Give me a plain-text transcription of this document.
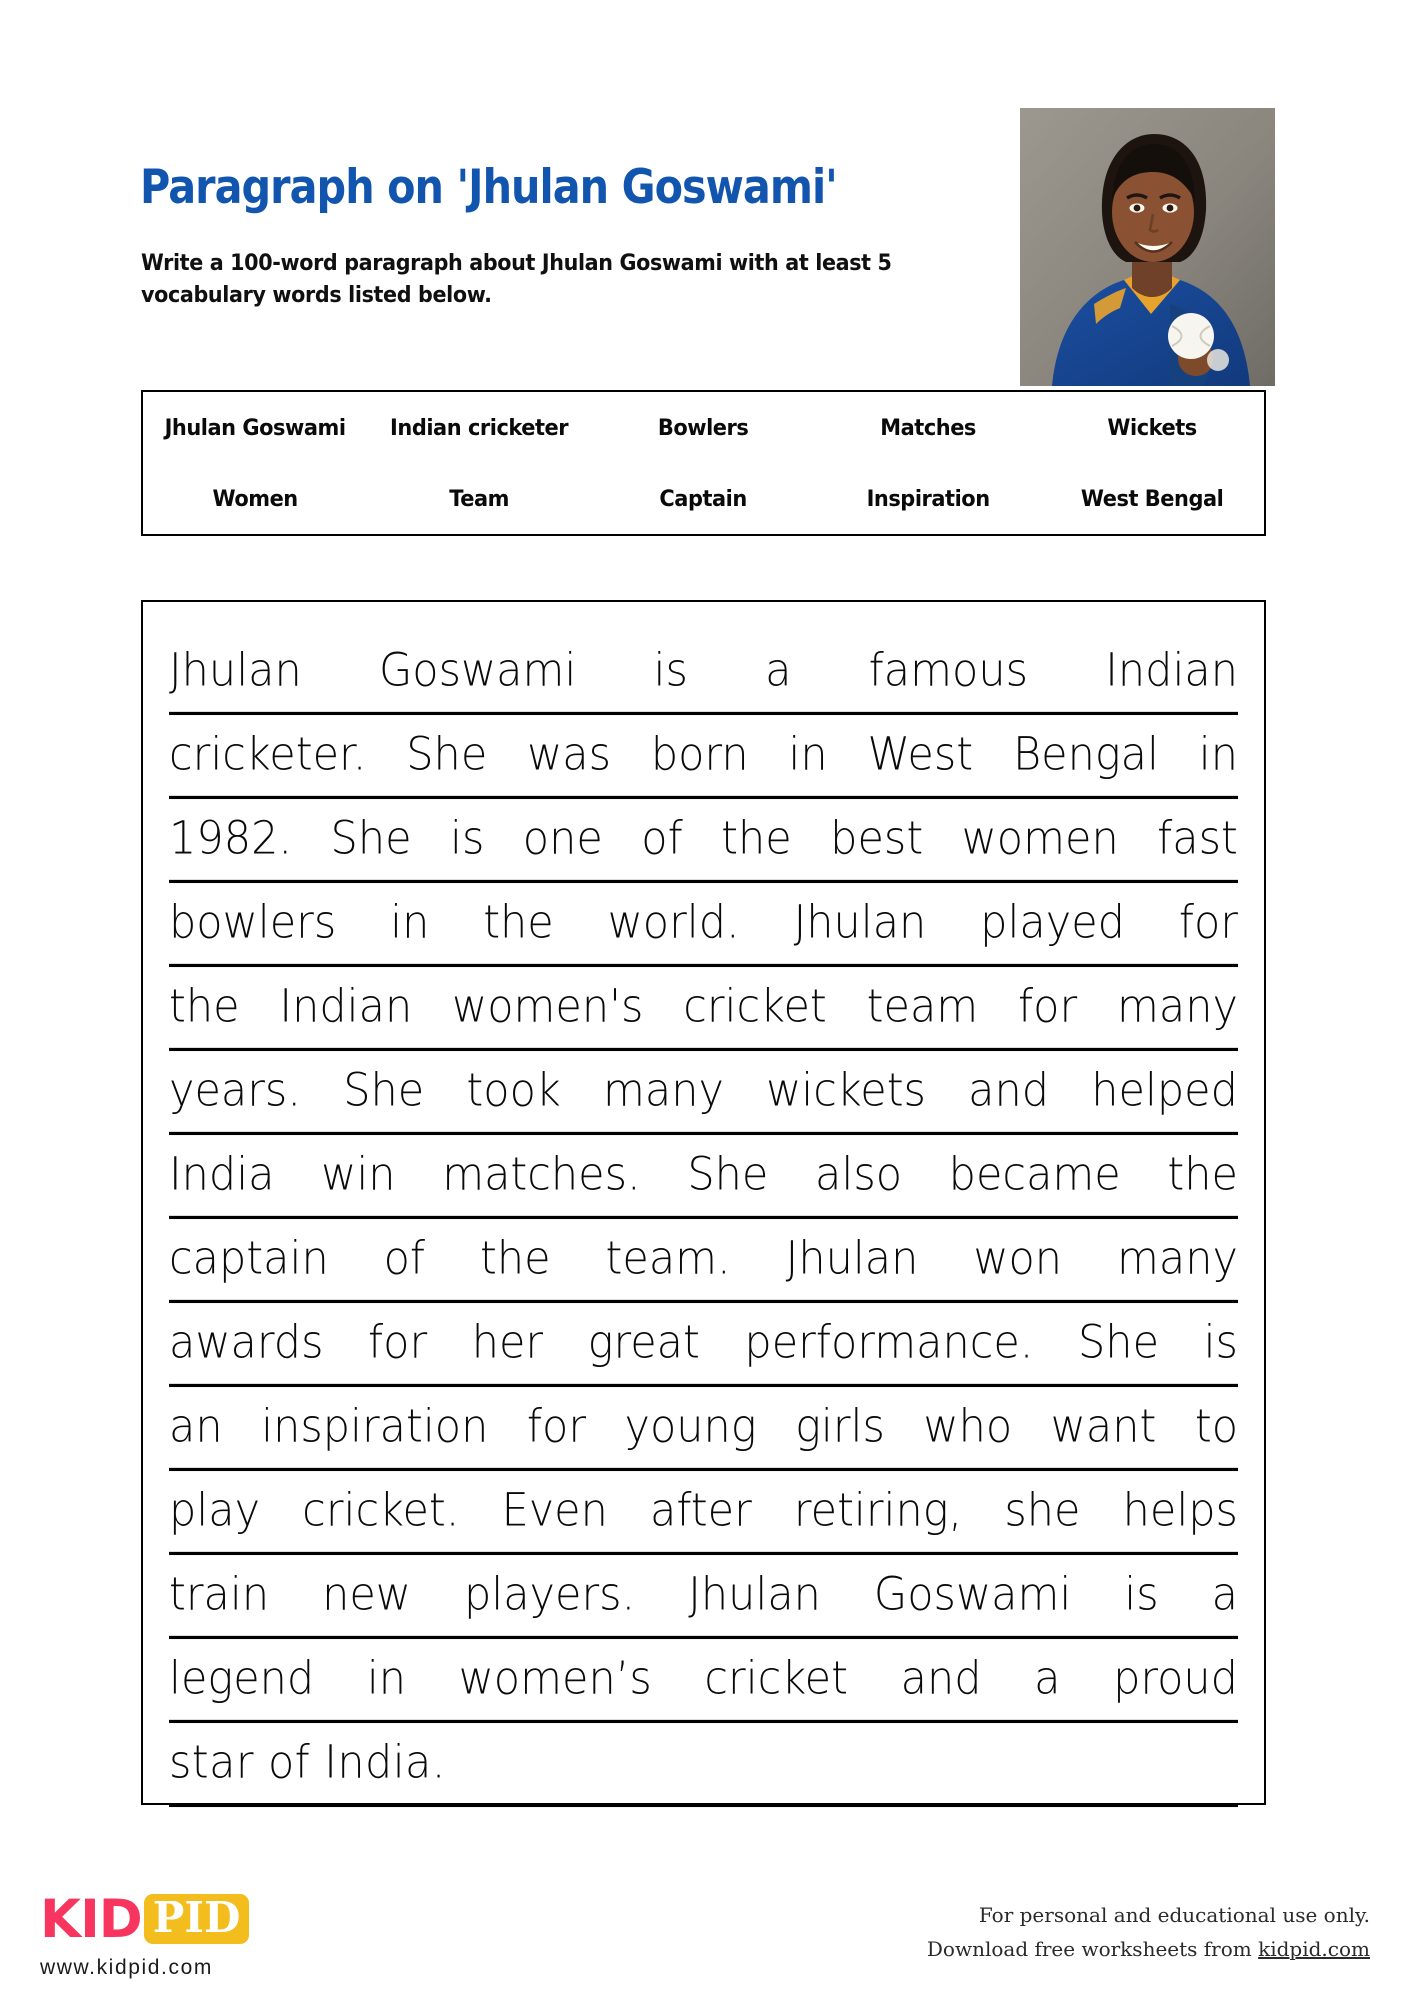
Paragraph on 'Jhulan Goswami'
Write a 100-word paragraph about Jhulan Goswami with at least 5 vocabulary words listed below.
Jhulan Goswami	Indian cricketer	Bowlers	Matches	Wickets
Women	Team	Captain	Inspiration	West Bengal
Jhulan Goswami is a famous Indian
cricketer. She was born in West Bengal in
1982. She is one of the best women fast
bowlers in the world. Jhulan played for
the Indian women's cricket team for many
years. She took many wickets and helped
India win matches. She also became the
captain of the team. Jhulan won many
awards for her great performance. She is
an inspiration for young girls who want to
play cricket. Even after retiring, she helps
train new players. Jhulan Goswami is a
legend in women’s cricket and a proud
star of India.
KID PID
www.kidpid.com
For personal and educational use only.
Download free worksheets from kidpid.com
